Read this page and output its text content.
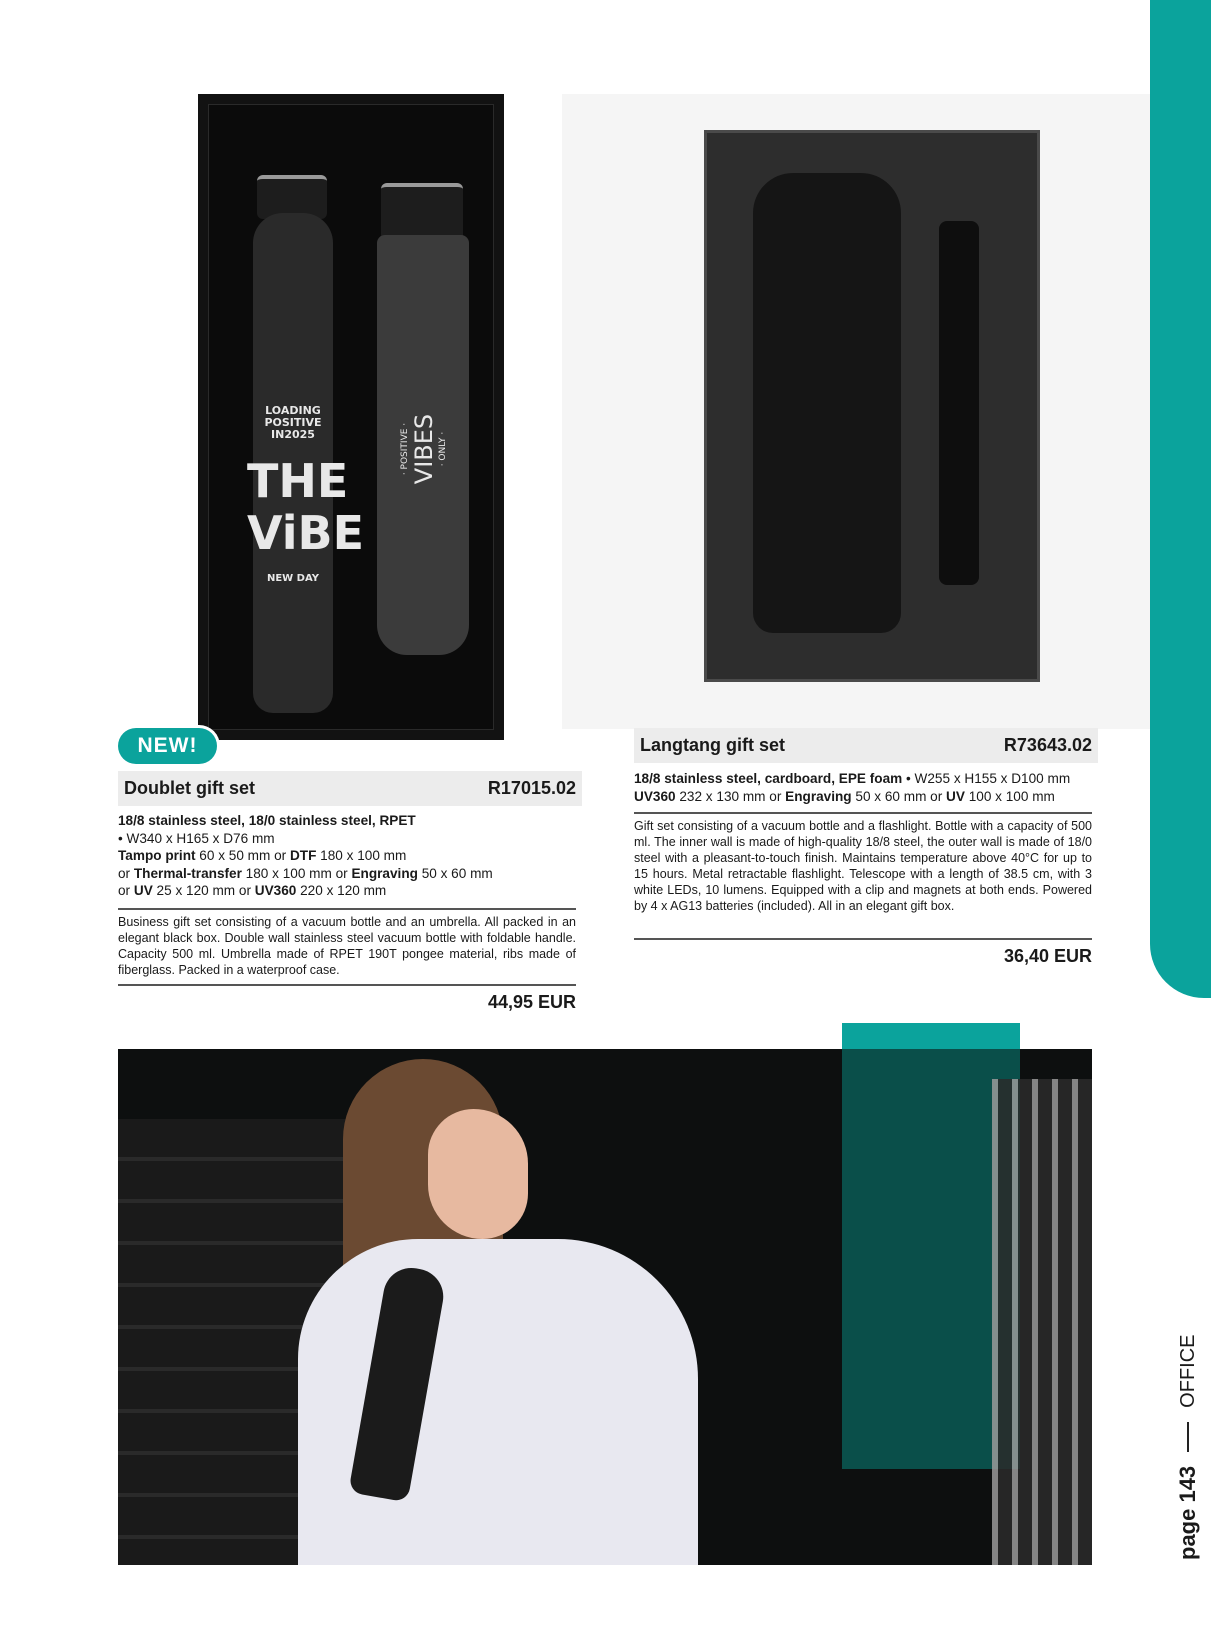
LOADING
POSITIVE
IN2025
THE
ViBE
NEW DAY
· POSITIVE · VIBES · ONLY ·
NEW!
Doublet gift set	R17015.02
18/8 stainless steel, 18/0 stainless steel, RPET
• W340 x H165 x D76 mm
Tampo print 60 x 50 mm or DTF 180 x 100 mm
or Thermal-transfer 180 x 100 mm or Engraving 50 x 60 mm
or UV 25 x 120 mm or UV360 220 x 120 mm
Business gift set consisting of a vacuum bottle and an umbrella. All packed in an elegant black box. Double wall stainless steel vacuum bottle with foldable handle. Capacity 500 ml. Umbrella made of RPET 190T pongee material, ribs made of fiberglass. Packed in a waterproof case.
44,95 EUR
Langtang gift set	R73643.02
18/8 stainless steel, cardboard, EPE foam • W255 x H155 x D100 mm
UV360 232 x 130 mm or Engraving 50 x 60 mm or UV 100 x 100 mm
Gift set consisting of a vacuum bottle and a flashlight. Bottle with a capacity of 500 ml. The inner wall is made of high-quality 18/8 steel, the outer wall is made of 18/0 steel with a pleasant-to-touch finish. Maintains temperature above 40°C for up to 15 hours. Metal retractable flashlight. Telescope with a length of 38.5 cm, with 3 white LEDs, 10 lumens. Equipped with a clip and magnets at both ends. Powered by 4 x AG13 batteries (included). All in an elegant gift box.
36,40 EUR
page 143
OFFICE
